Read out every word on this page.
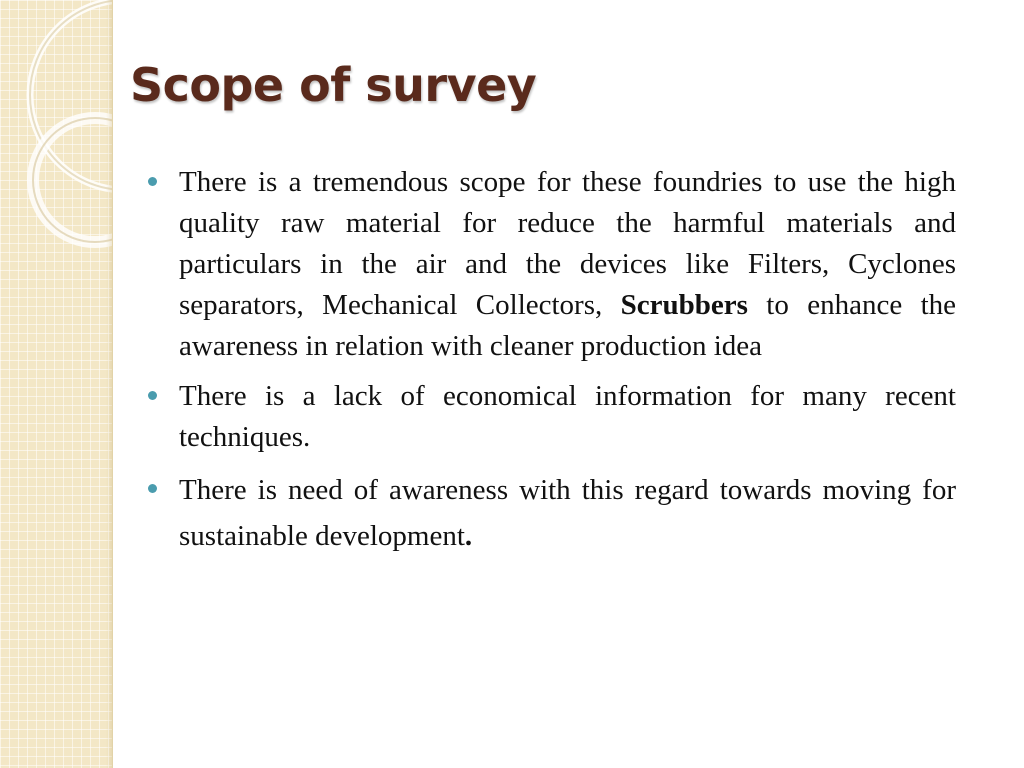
Scope of survey
There is a tremendous scope for these foundries to use the high quality raw material for reduce the harmful materials and particulars in the air and the devices like Filters, Cyclones separators, Mechanical Collectors, Scrubbers to enhance the awareness in relation with cleaner production idea
There is a lack of economical information for many recent techniques.
There is need of awareness with this regard towards moving for sustainable development.
